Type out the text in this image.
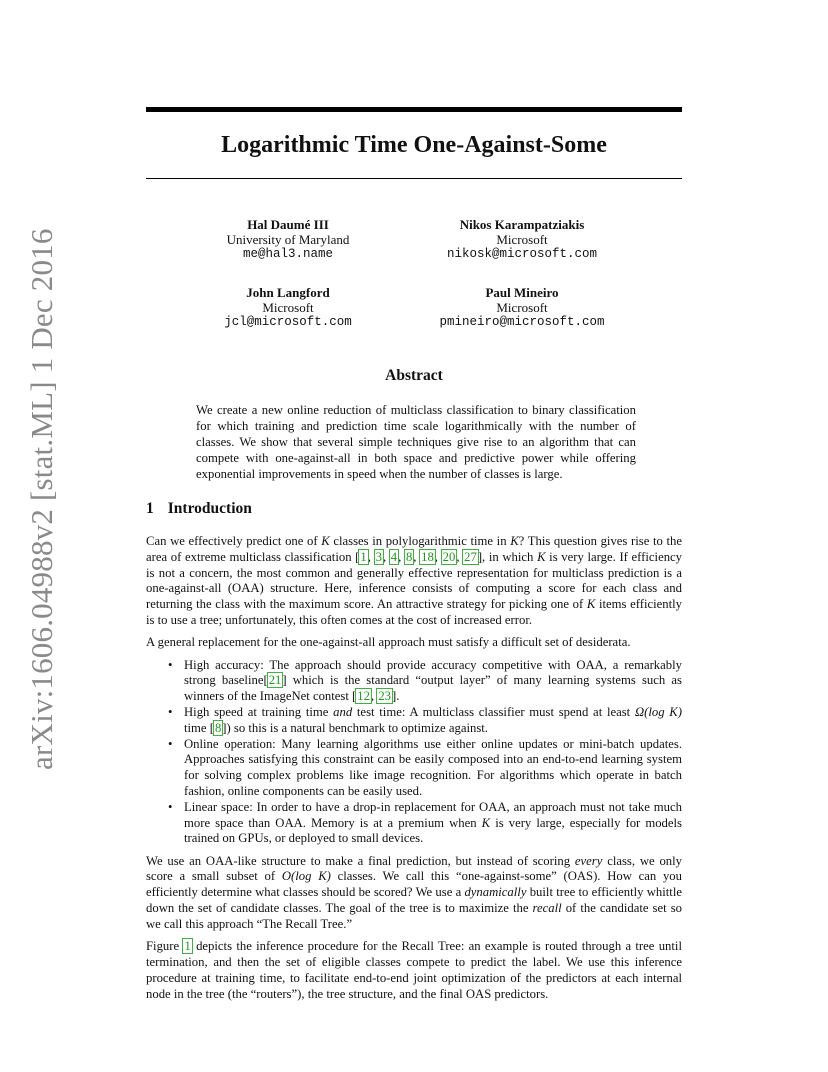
arXiv:1606.04988v2 [stat.ML] 1 Dec 2016
Logarithmic Time One-Against-Some
Hal Daumé III
University of Maryland
me@hal3.name
Nikos Karampatziakis
Microsoft
nikosk@microsoft.com
John Langford
Microsoft
jcl@microsoft.com
Paul Mineiro
Microsoft
pmineiro@microsoft.com
Abstract

We create a new online reduction of multiclass classification to binary classification for which training and prediction time scale logarithmically with the number of classes. We show that several simple techniques give rise to an algorithm that can compete with one-against-all in both space and predictive power while offering exponential improvements in speed when the number of classes is large.

1 Introduction

Can we effectively predict one of K classes in polylogarithmic time in K? This question gives rise to the area of extreme multiclass classification [1, 3, 4, 8, 18, 20, 27], in which K is very large. If efficiency is not a concern, the most common and generally effective representation for multiclass prediction is a one-against-all (OAA) structure. Here, inference consists of computing a score for each class and returning the class with the maximum score. An attractive strategy for picking one of K items efficiently is to use a tree; unfortunately, this often comes at the cost of increased error.

A general replacement for the one-against-all approach must satisfy a difficult set of desiderata.

• High accuracy: The approach should provide accuracy competitive with OAA, a remarkably strong baseline[21] which is the standard “output layer” of many learning systems such as winners of the ImageNet contest [12, 23].
• High speed at training time and test time: A multiclass classifier must spend at least Ω(log K) time [8]) so this is a natural benchmark to optimize against.
• Online operation: Many learning algorithms use either online updates or mini-batch updates. Approaches satisfying this constraint can be easily composed into an end-to-end learning system for solving complex problems like image recognition. For algorithms which operate in batch fashion, online components can be easily used.
• Linear space: In order to have a drop-in replacement for OAA, an approach must not take much more space than OAA. Memory is at a premium when K is very large, especially for models trained on GPUs, or deployed to small devices.

We use an OAA-like structure to make a final prediction, but instead of scoring every class, we only score a small subset of O(log K) classes. We call this “one-against-some” (OAS). How can you efficiently determine what classes should be scored? We use a dynamically built tree to efficiently whittle down the set of candidate classes. The goal of the tree is to maximize the recall of the candidate set so we call this approach “The Recall Tree.”

Figure 1 depicts the inference procedure for the Recall Tree: an example is routed through a tree until termination, and then the set of eligible classes compete to predict the label. We use this inference procedure at training time, to facilitate end-to-end joint optimization of the predictors at each internal node in the tree (the “routers”), the tree structure, and the final OAS predictors.
